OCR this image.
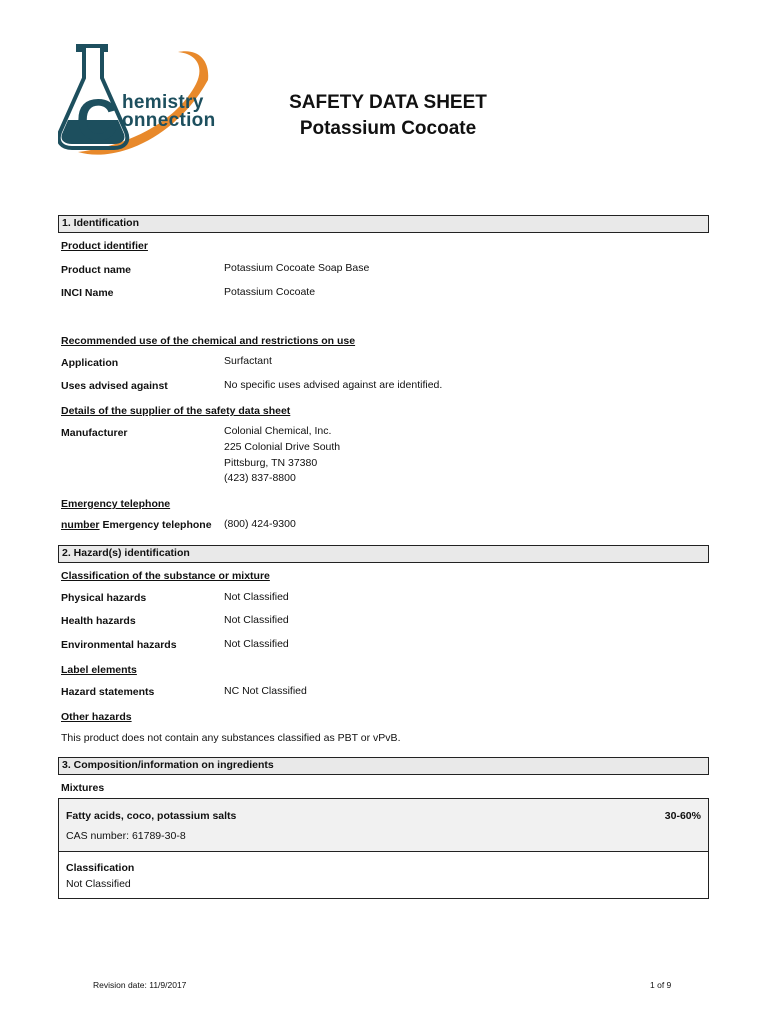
C hemistry
onnection
SAFETY DATA SHEET
Potassium Cocoate
1. Identification
Product identifier
Product name	Potassium Cocoate Soap Base
INCI Name	Potassium Cocoate
Recommended use of the chemical and restrictions on use
Application	Surfactant
Uses advised against	No specific uses advised against are identified.
Details of the supplier of the safety data sheet
Manufacturer	Colonial Chemical, Inc.
225 Colonial Drive South
Pittsburg, TN 37380
(423) 837-8800
Emergency telephone
number Emergency telephone (800) 424-9300
2. Hazard(s) identification
Classification of the substance or mixture
Physical hazards	Not Classified
Health hazards	Not Classified
Environmental hazards	Not Classified
Label elements
Hazard statements	NC Not Classified
Other hazards
This product does not contain any substances classified as PBT or vPvB.
3. Composition/information on ingredients
Mixtures
Fatty acids, coco, potassium salts	30-60%
CAS number: 61789-30-8
Classification
Not Classified
Revision date: 11/9/2017	1 of 9
